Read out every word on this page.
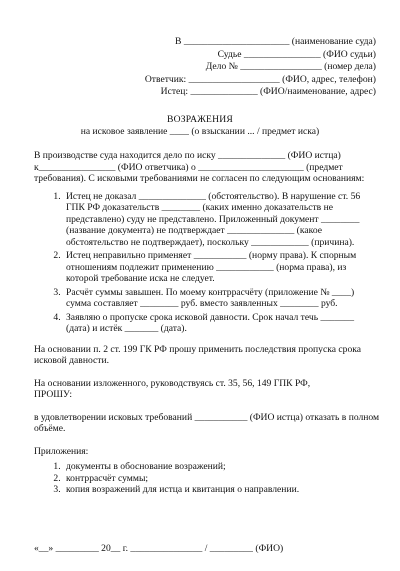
В ______________________ (наименование суда)
Судье ________________ (ФИО судьи)
Дело № _________________ (номер дела)
Ответчик: ___________________ (ФИО, адрес, телефон)
Истец: ______________ (ФИО/наименование, адрес)
ВОЗРАЖЕНИЯ
на исковое заявление ____ (о взыскании ... / предмет иска)

В производстве суда находится дело по иску ______________ (ФИО истца) к________________ (ФИО ответчика) о ______________________ (предмет требования). С исковыми требованиями не согласен по следующим основаниям:

1. Истец не доказал ______________ (обстоятельство). В нарушение ст. 56 ГПК РФ доказательств ________ (каких именно доказательств не представлено) суду не представлено. Приложенный документ ________ (название документа) не подтверждает ______________ (какое обстоятельство не подтверждает), поскольку ____________ (причина).
2. Истец неправильно применяет ___________ (норму права). К спорным отношениям подлежит применению ____________ (норма права), из которой требование иска не следует.
3. Расчёт суммы завышен. По моему контррасчёту (приложение № ____) сумма составляет ________ руб. вместо заявленных ________ руб.
4. Заявляю о пропуске срока исковой давности. Срок начал течь _______ (дата) и истёк _______ (дата).

На основании п. 2 ст. 199 ГК РФ прошу применить последствия пропуска срока исковой давности.

На основании изложенного, руководствуясь ст. 35, 56, 149 ГПК РФ,

ПРОШУ:

в удовлетворении исковых требований ___________ (ФИО истца) отказать в полном объёме.

Приложения:

1. документы в обоснование возражений;
2. контррасчёт суммы;
3. копия возражений для истца и квитанция о направлении.
«__» _________ 20__ г. _______________ / _________ (ФИО)
